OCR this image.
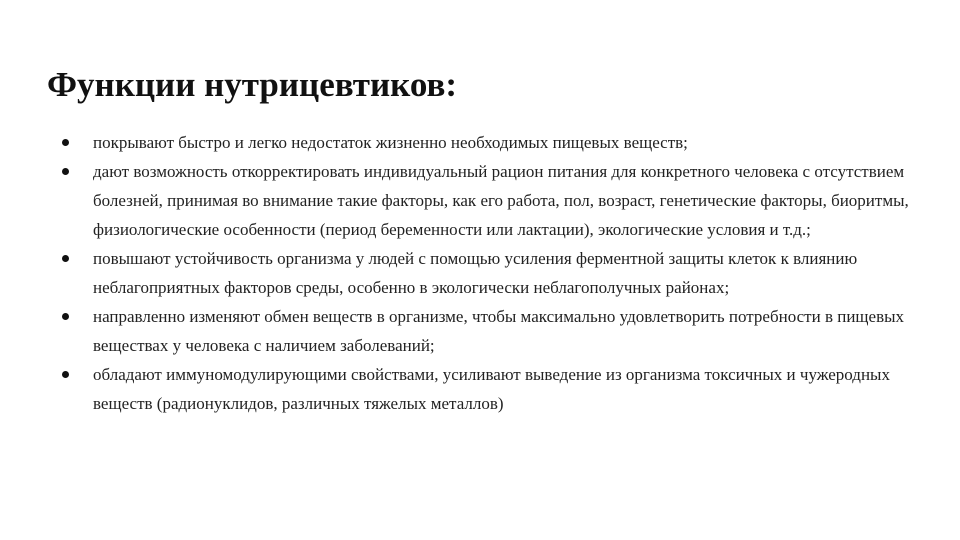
Функции нутрицевтиков:
покрывают быстро и легко недостаток жизненно необходимых пищевых веществ;
дают возможность откорректировать индивидуальный рацион питания для конкретного человека с отсутствием болезней, принимая во внимание такие факторы, как его работа, пол, возраст, генетические факторы, биоритмы, физиологические особенности (период беременности или лактации), экологические условия и т.д.;
повышают устойчивость организма у людей с помощью усиления ферментной защиты клеток к влиянию неблагоприятных факторов среды, особенно в экологически неблагополучных районах;
направленно изменяют обмен веществ в организме, чтобы максимально удовлетворить потребности в пищевых веществах у человека с наличием заболеваний;
обладают иммуномодулирующими свойствами, усиливают выведение из организма токсичных и чужеродных веществ (радионуклидов, различных тяжелых металлов)
